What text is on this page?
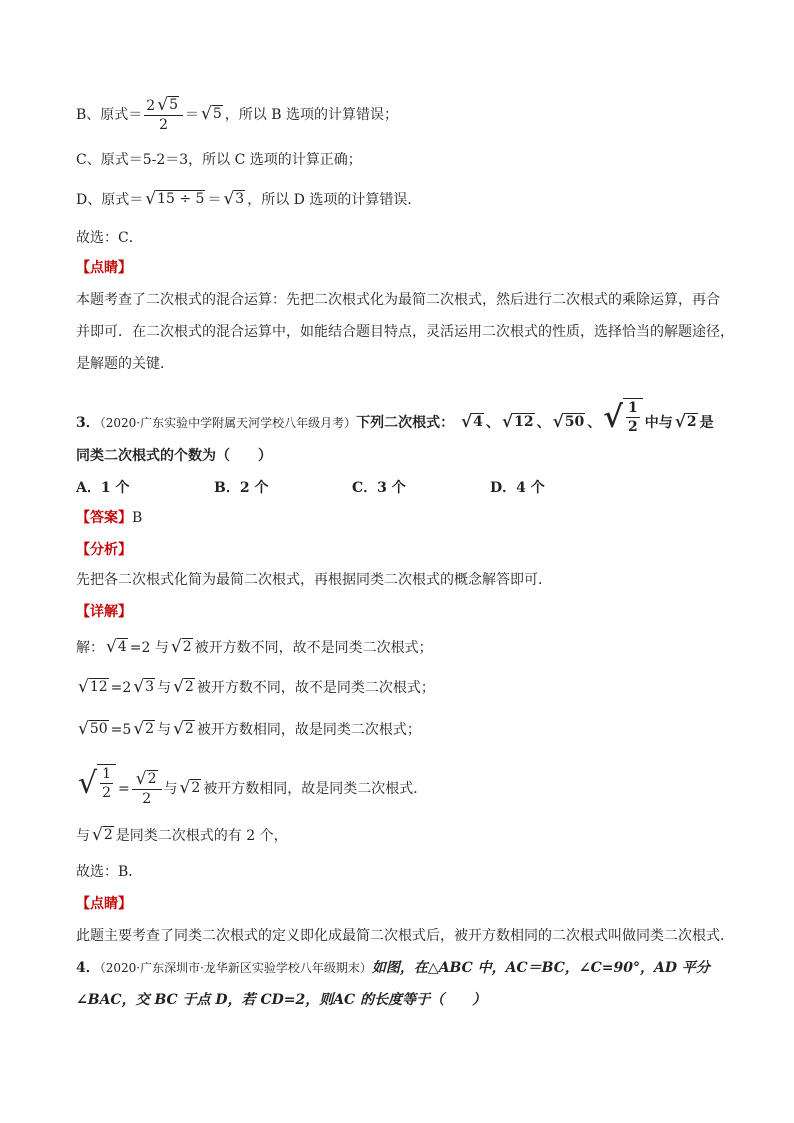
B、原式＝ $\frac{2 √ 5}{2}$ ＝ √ 5 ，所以 B 选项的计算错误；
C、原式＝5-2＝3，所以 C 选项的计算正确；
D、原式＝ √ 15 ÷ 5 ＝ √ 3 ，所以 D 选项的计算错误．
故选：C．
【点睛】
本题考查了二次根式的混合运算：先把二次根式化为最简二次根式，然后进行二次根式的乘除运算，再合
并即可．在二次根式的混合运算中，如能结合题目特点，灵活运用二次根式的性质，选择恰当的解题途径，
是解题的关键．
3．（2020·广东实验中学附属天河学校八年级月考）下列二次根式： √ 4 、 √ 12 、 √ 50 、 √ $\frac{1}{2}$ 中与 √ 2 是
同类二次根式的个数为（　　）
A．1 个	B．2 个	C．3 个	D．4 个
【答案】B
【分析】
先把各二次根式化简为最简二次根式，再根据同类二次根式的概念解答即可．
【详解】
解： √ 4 =2 与 √ 2 被开方数不同，故不是同类二次根式；
√ 12 =2 √ 3 与 √ 2 被开方数不同，故不是同类二次根式；
√ 50 =5 √ 2 与 √ 2 被开方数相同，故是同类二次根式；
√ $\frac{1}{2} = \frac{√ 2}{2}$ 与 √ 2 被开方数相同，故是同类二次根式．
与 √ 2 是同类二次根式的有 2 个，
故选：B．
【点睛】
此题主要考查了同类二次根式的定义即化成最简二次根式后，被开方数相同的二次根式叫做同类二次根式．
4．（2020·广东深圳市·龙华新区实验学校八年级期末）如图，在△ABC 中，AC＝BC，∠C=90°，AD 平分
∠BAC，交 BC 于点 D，若 CD=2，则AC 的长度等于（　　）
